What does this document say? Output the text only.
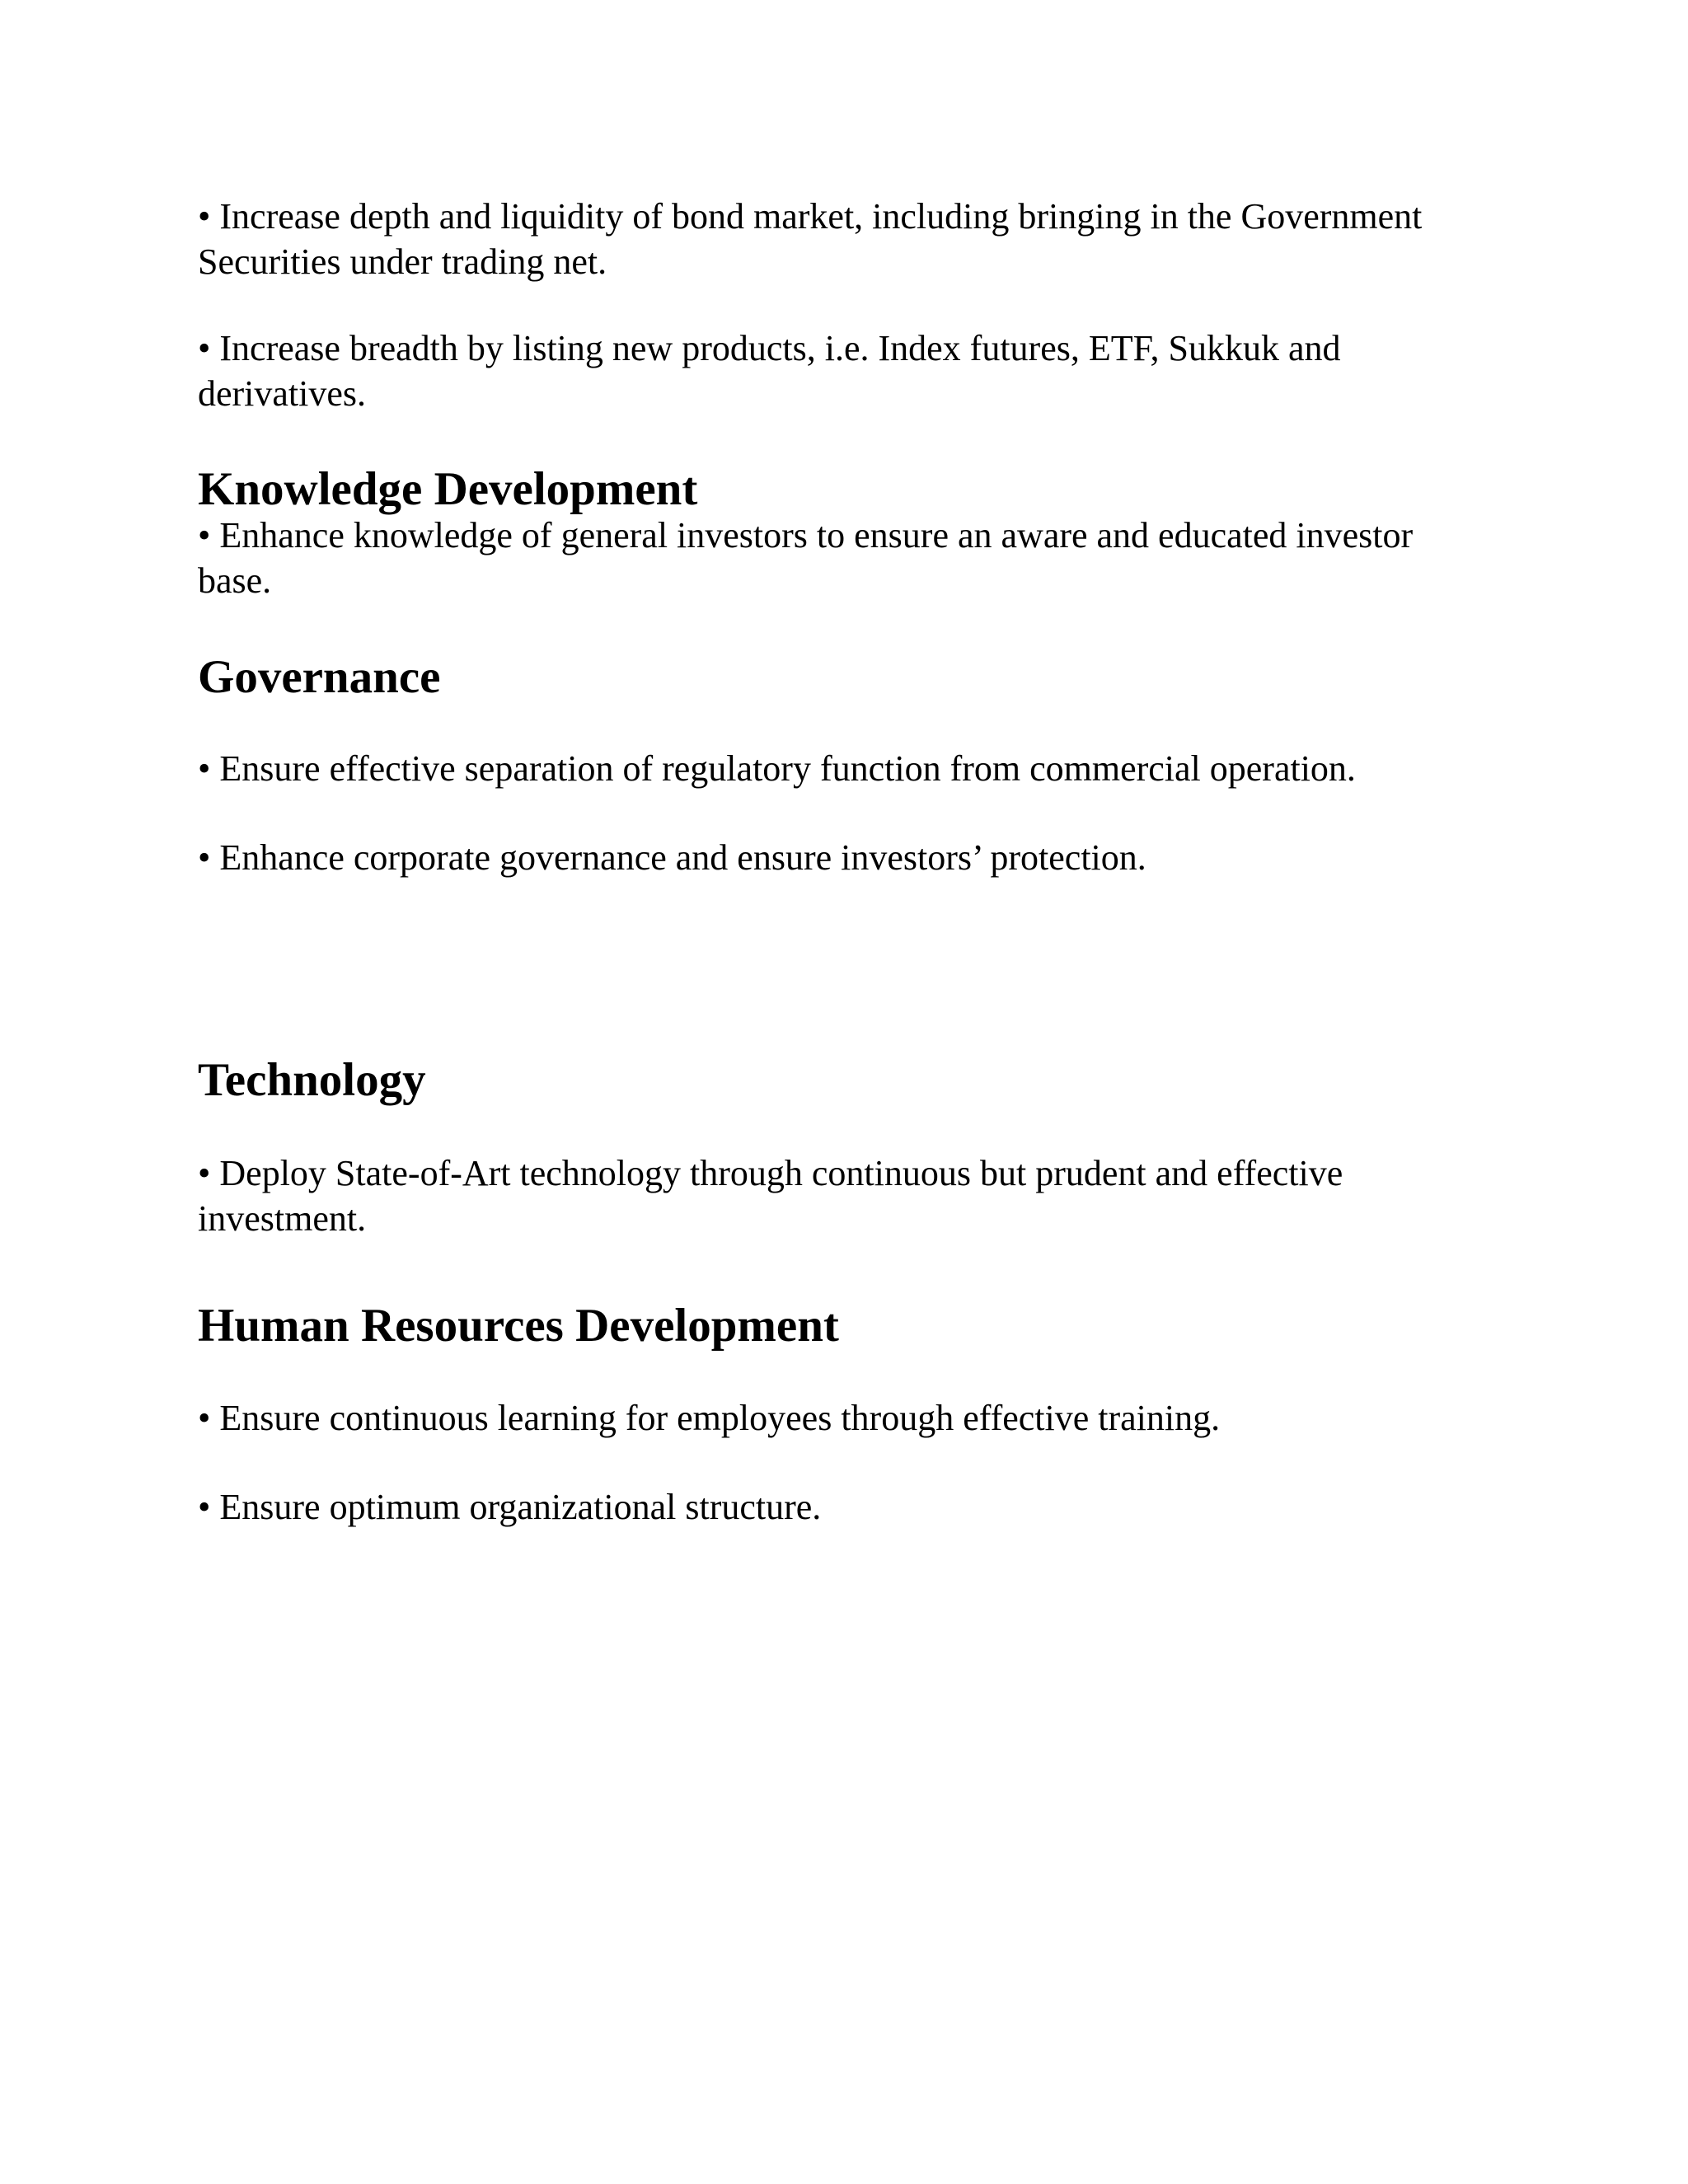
• Increase depth and liquidity of bond market, including bringing in the Government Securities under trading net.

• Increase breadth by listing new products, i.e. Index futures, ETF, Sukkuk and derivatives.

Knowledge Development

• Enhance knowledge of general investors to ensure an aware and educated investor base.

Governance

• Ensure effective separation of regulatory function from commercial operation.

• Enhance corporate governance and ensure investors’ protection.

Technology

• Deploy State-of-Art technology through continuous but prudent and effective investment.

Human Resources Development

• Ensure continuous learning for employees through effective training.

• Ensure optimum organizational structure.
